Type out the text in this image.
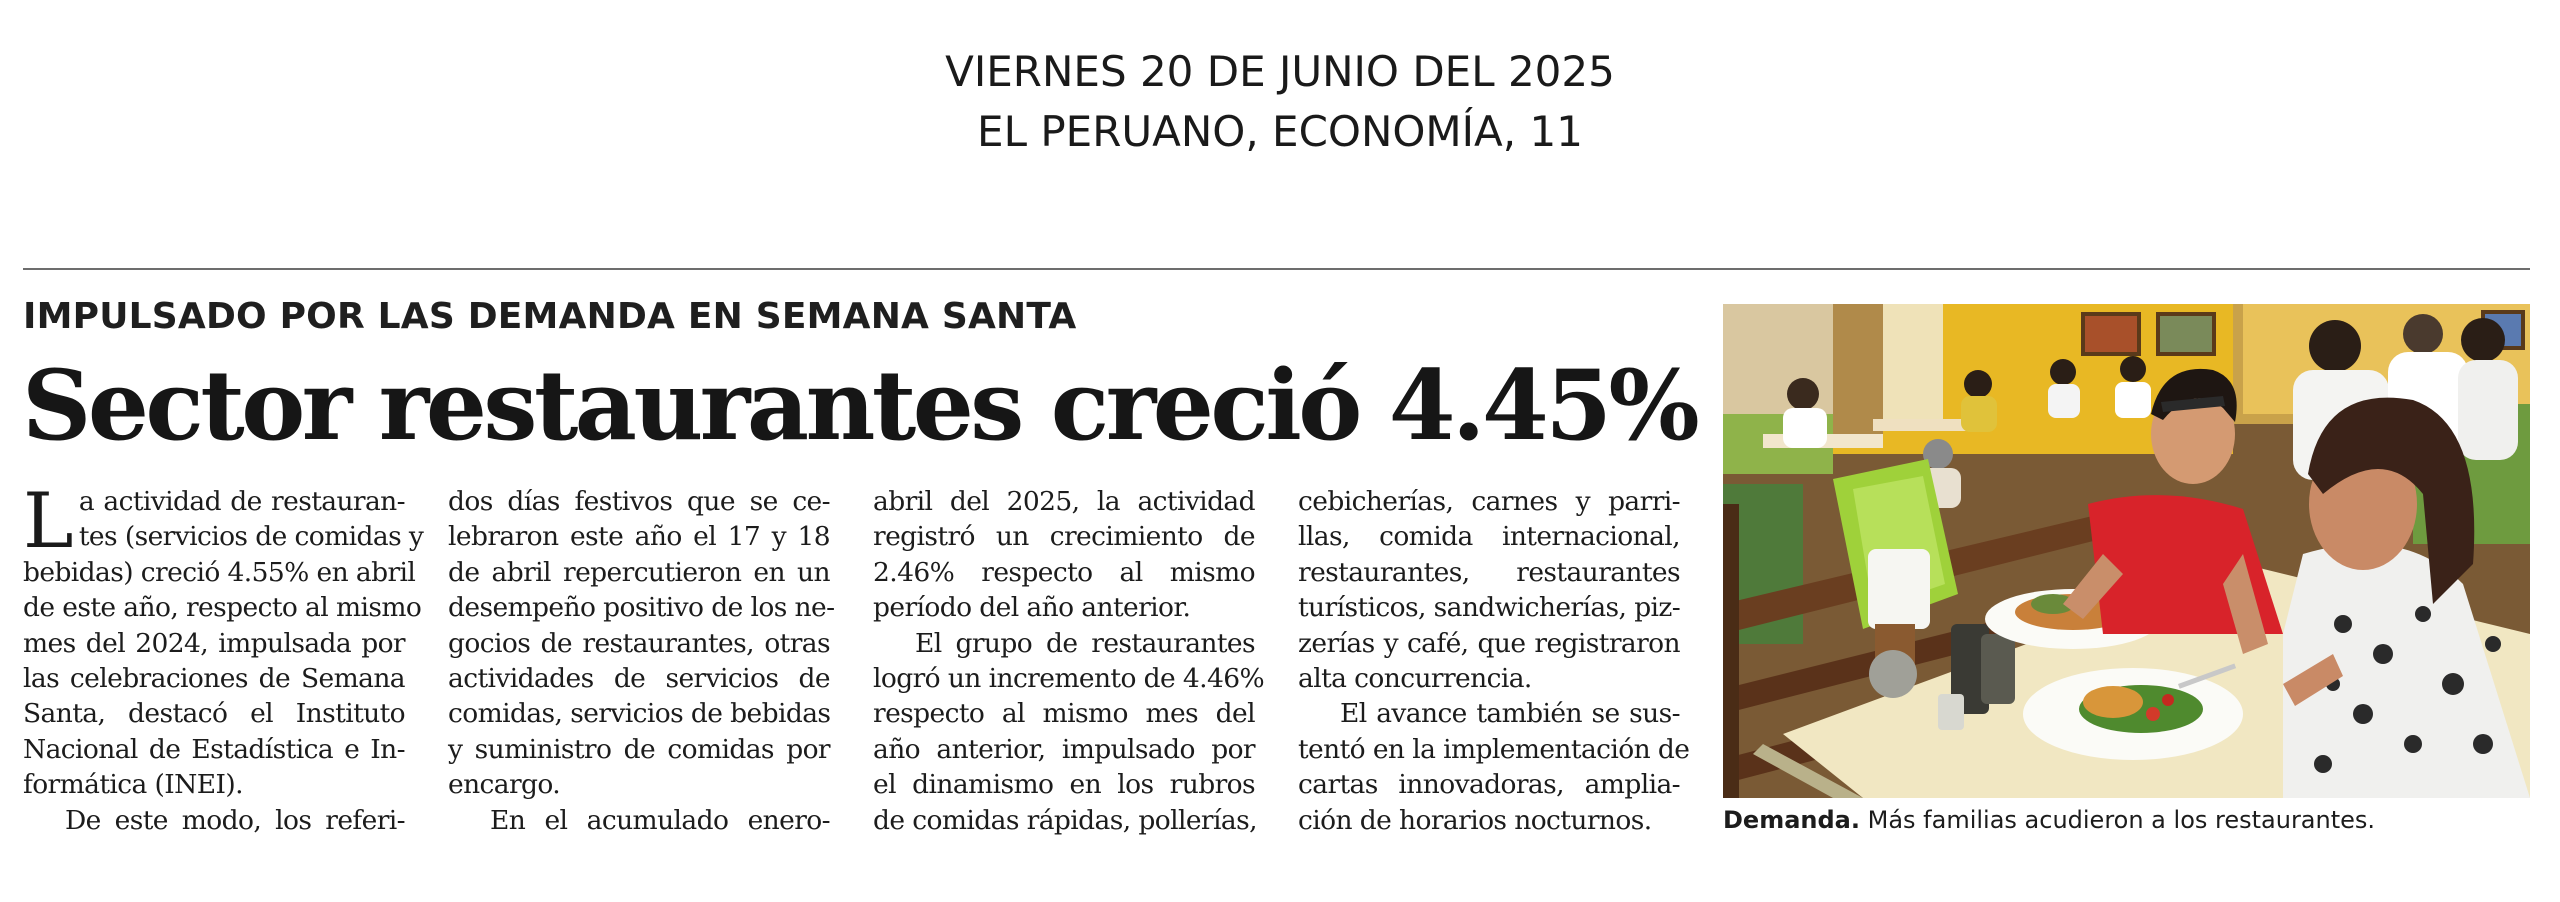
VIERNES 20 DE JUNIO DEL 2025
EL PERUANO, ECONOMÍA, 11
IMPULSADO POR LAS DEMANDA EN SEMANA SANTA
Sector restaurantes creció 4.45%
L a actividad de restauran-
tes (servicios de comidas y
bebidas) creció 4.55% en abril
de este año, respecto al mismo
mes del 2024, impulsada por
las celebraciones de Semana
Santa, destacó el Instituto
Nacional de Estadística e In-
formática (INEI).
De este modo, los referi-
dos días festivos que se ce-
lebraron este año el 17 y 18
de abril repercutieron en un
desempeño positivo de los ne-
gocios de restaurantes, otras
actividades de servicios de
comidas, servicios de bebidas
y suministro de comidas por
encargo.
En el acumulado enero-
abril del 2025, la actividad
registró un crecimiento de
2.46% respecto al mismo
período del año anterior.
El grupo de restaurantes
logró un incremento de 4.46%
respecto al mismo mes del
año anterior, impulsado por
el dinamismo en los rubros
de comidas rápidas, pollerías,
cebicherías, carnes y parri-
llas, comida internacional,
restaurantes, restaurantes
turísticos, sandwicherías, piz-
zerías y café, que registraron
alta concurrencia.
El avance también se sus-
tentó en la implementación de
cartas innovadoras, amplia-
ción de horarios nocturnos.	Demanda. Más familias acudieron a los restaurantes.
